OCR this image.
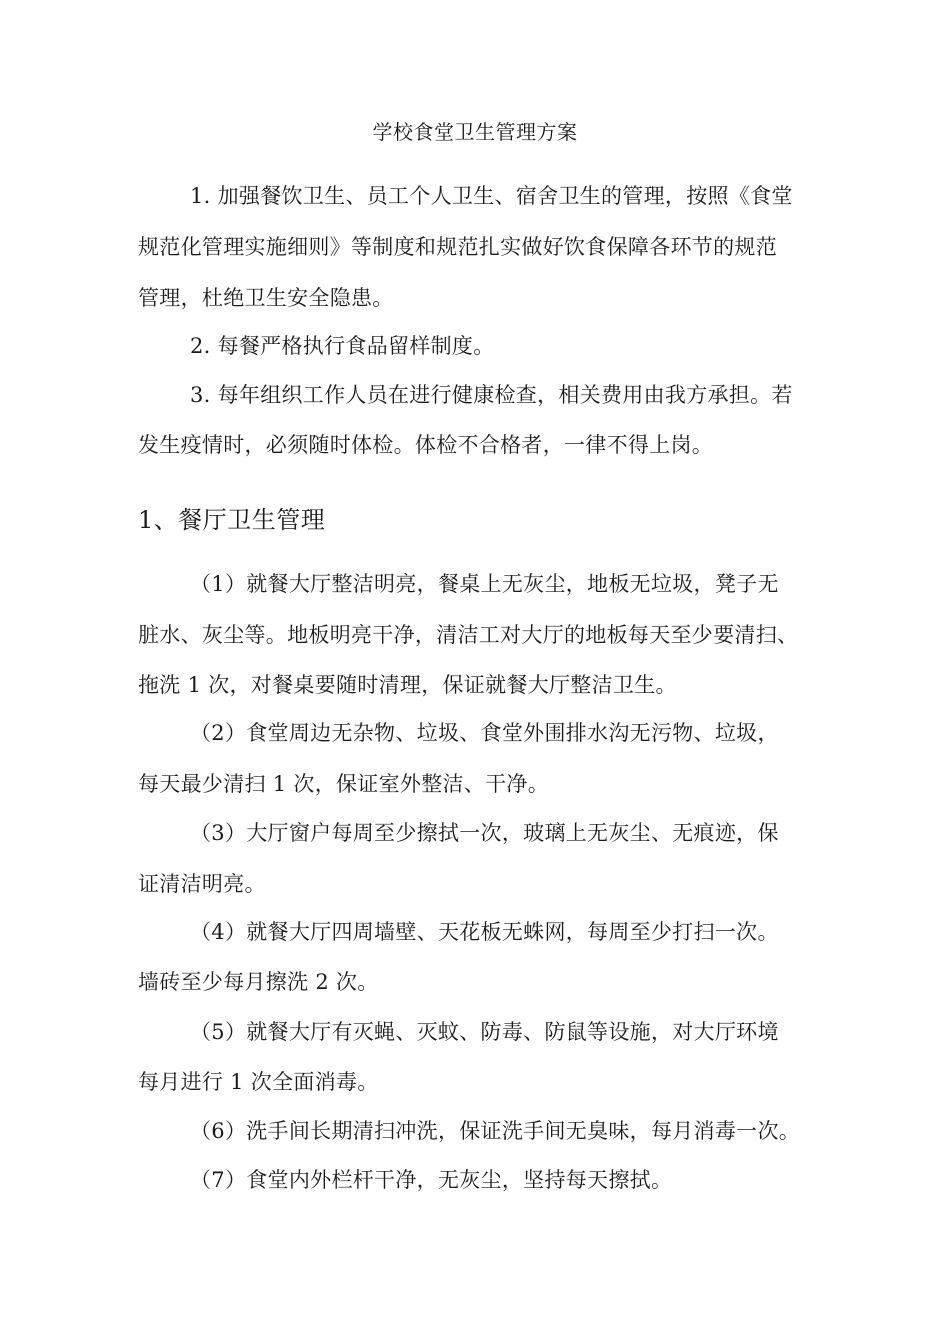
学校食堂卫生管理方案
1. 加强餐饮卫生、员工个人卫生、宿舍卫生的管理，按照《食堂
规范化管理实施细则》等制度和规范扎实做好饮食保障各环节的规范
管理，杜绝卫生安全隐患。
2. 每餐严格执行食品留样制度。
3. 每年组织工作人员在进行健康检查，相关费用由我方承担。若
发生疫情时，必须随时体检。体检不合格者，一律不得上岗。
1、餐厅卫生管理
（1）就餐大厅整洁明亮，餐桌上无灰尘，地板无垃圾，凳子无
脏水、灰尘等。地板明亮干净，清洁工对大厅的地板每天至少要清扫、
拖洗 1 次，对餐桌要随时清理，保证就餐大厅整洁卫生。
（2）食堂周边无杂物、垃圾、食堂外围排水沟无污物、垃圾，
每天最少清扫 1 次，保证室外整洁、干净。
（3）大厅窗户每周至少擦拭一次，玻璃上无灰尘、无痕迹，保
证清洁明亮。
（4）就餐大厅四周墙壁、天花板无蛛网，每周至少打扫一次。
墙砖至少每月擦洗 2 次。
（5）就餐大厅有灭蝇、灭蚊、防毒、防鼠等设施，对大厅环境
每月进行 1 次全面消毒。
（6）洗手间长期清扫冲洗，保证洗手间无臭味，每月消毒一次。
（7）食堂内外栏杆干净，无灰尘，坚持每天擦拭。
